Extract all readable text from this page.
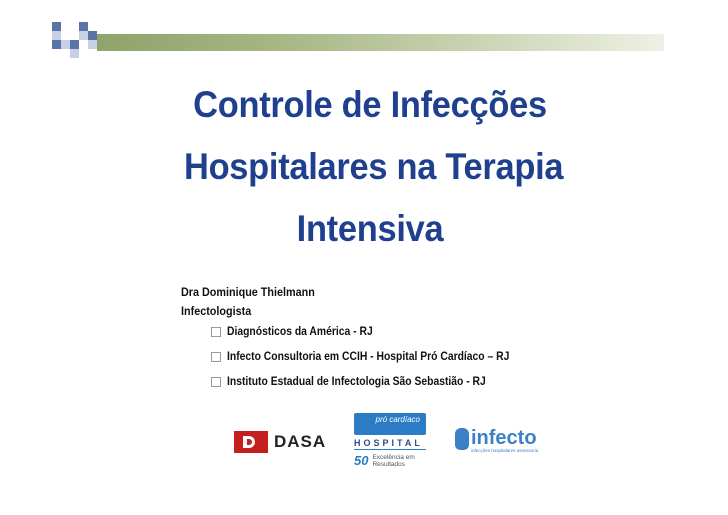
Controle de Infecções
Hospitalares na Terapia
Intensiva
Dra Dominique Thielmann
Infectologista
Diagnósticos da América - RJ
Infecto Consultoria em CCIH - Hospital Pró Cardíaco – RJ
Instituto Estadual de Infectologia São Sebastião - RJ
DASA
pró cardíaco
HOSPITAL
50 Excelência em Resultados
infecto
infecções hospitalares assessoria
